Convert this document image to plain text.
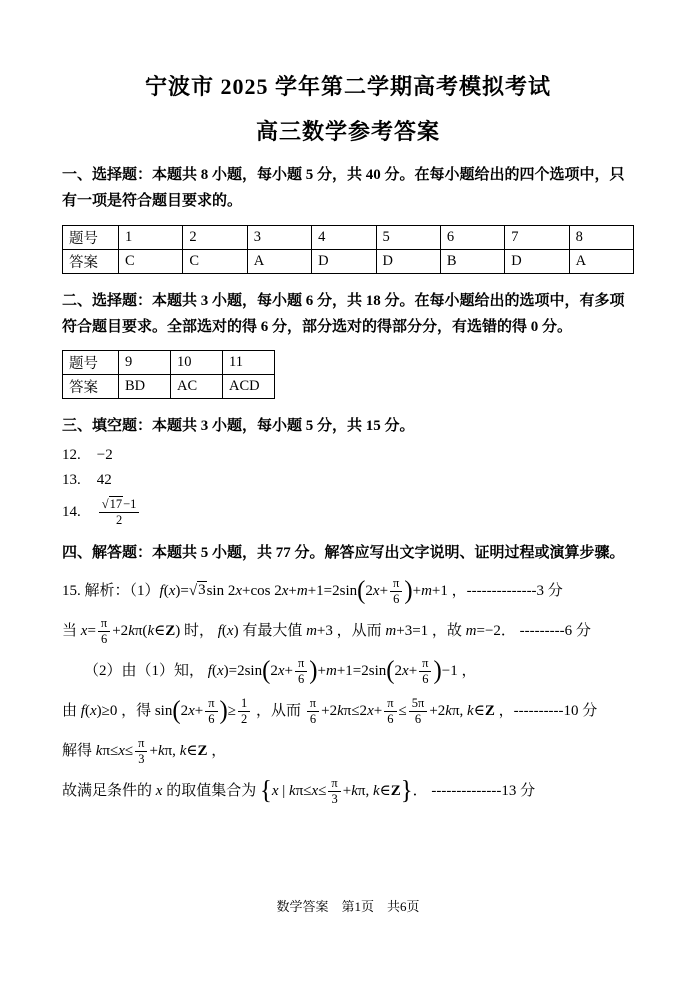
宁波市 2025 学年第二学期高考模拟考试
高三数学参考答案

一、选择题：本题共 8 小题，每小题 5 分，共 40 分。在每小题给出的四个选项中，只有一项是符合题目要求的。

题号	1	2	3	4	5	6	7	8
答案	C	C	A	D	D	B	D	A

二、选择题：本题共 3 小题，每小题 6 分，共 18 分。在每小题给出的选项中，有多项符合题目要求。全部选对的得 6 分，部分选对的得部分分，有选错的得 0 分。

题号	9	10	11
答案	BD	AC	ACD

三、填空题：本题共 3 小题，每小题 5 分，共 15 分。

12. −2
13. 42
14. $\frac{√17-1}{2}$

四、解答题：本题共 5 小题，共 77 分。解答应写出文字说明、证明过程或演算步骤。

15. 解析：（1）f(x)=√3sin 2x+cos $2x+m+1=2\sin(2x+ \frac{\pi}{6} )+m+1$ ，--------------3 分
当 $x= \frac{\pi}{6}$ +2kπ(k∈Z) 时， f(x) 有最大值 m+3 ，从而 m+3=1 ，故 m=−2． ---------6 分
（2）由（1）知， $f(x)=2\sin(2x+ \frac{\pi}{6} )+m+1=2\sin(2x+ \frac{\pi}{6} )-1$ ，
由 f(x)≥0 ，得 $\sin(2x+ \frac{\pi}{6}$ )≥ $\frac{1}{2}$ ，从而 $\frac{\pi}{6} +2k\pi\le 2x+ \frac{\pi}{6} \le \frac{5\pi}{6} +2k\pi$, k∈Z ，----------10 分
解得 $k\pi\le x\le \frac{\pi}{3} +k\pi$, k∈Z ，
故满足条件的 x 的取值集合为 {x | $k\pi\le x\le \frac{\pi}{3} +k\pi$, k∈Z}． --------------13 分
数学答案　第1页　共6页
